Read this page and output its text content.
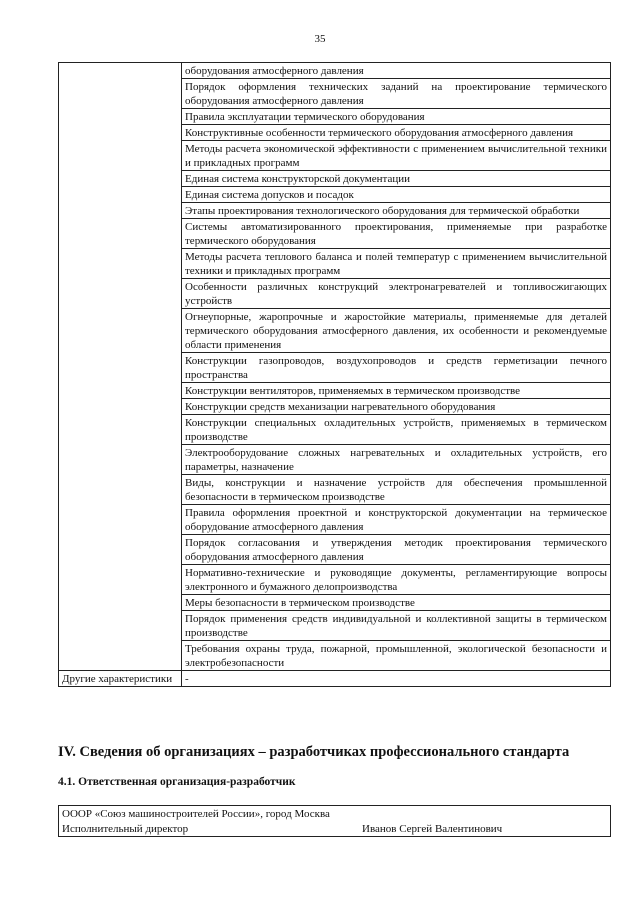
35
	оборудования атмосферного давления
	Порядок оформления технических заданий на проектирование термического оборудования атмосферного давления
	Правила эксплуатации термического оборудования
	Конструктивные особенности термического оборудования атмосферного давления
	Методы расчета экономической эффективности с применением вычислительной техники и прикладных программ
	Единая система конструкторской документации
	Единая система допусков и посадок
	Этапы проектирования технологического оборудования для термической обработки
	Системы автоматизированного проектирования, применяемые при разработке термического оборудования
	Методы расчета теплового баланса и полей температур с применением вычислительной техники и прикладных программ
	Особенности различных конструкций электронагревателей и топливосжигающих устройств
	Огнеупорные, жаропрочные и жаростойкие материалы, применяемые для деталей термического оборудования атмосферного давления, их особенности и рекомендуемые области применения
	Конструкции газопроводов, воздухопроводов и средств герметизации печного пространства
	Конструкции вентиляторов, применяемых в термическом производстве
	Конструкции средств механизации нагревательного оборудования
	Конструкции специальных охладительных устройств, применяемых в термическом производстве
	Электрооборудование сложных нагревательных и охладительных устройств, его параметры, назначение
	Виды, конструкции и назначение устройств для обеспечения промышленной безопасности в термическом производстве
	Правила оформления проектной и конструкторской документации на термическое оборудование атмосферного давления
	Порядок согласования и утверждения методик проектирования термического оборудования атмосферного давления
	Нормативно-технические и руководящие документы, регламентирующие вопросы электронного и бумажного делопроизводства
	Меры безопасности в термическом производстве
	Порядок применения средств индивидуальной и коллективной защиты в термическом производстве
	Требования охраны труда, пожарной, промышленной, экологической безопасности и электробезопасности
Другие характеристики	-
IV. Сведения об организациях – разработчиках профессионального стандарта
4.1. Ответственная организация-разработчик
ОООР «Союз машиностроителей России», город Москва
Исполнительный директор	Иванов Сергей Валентинович
